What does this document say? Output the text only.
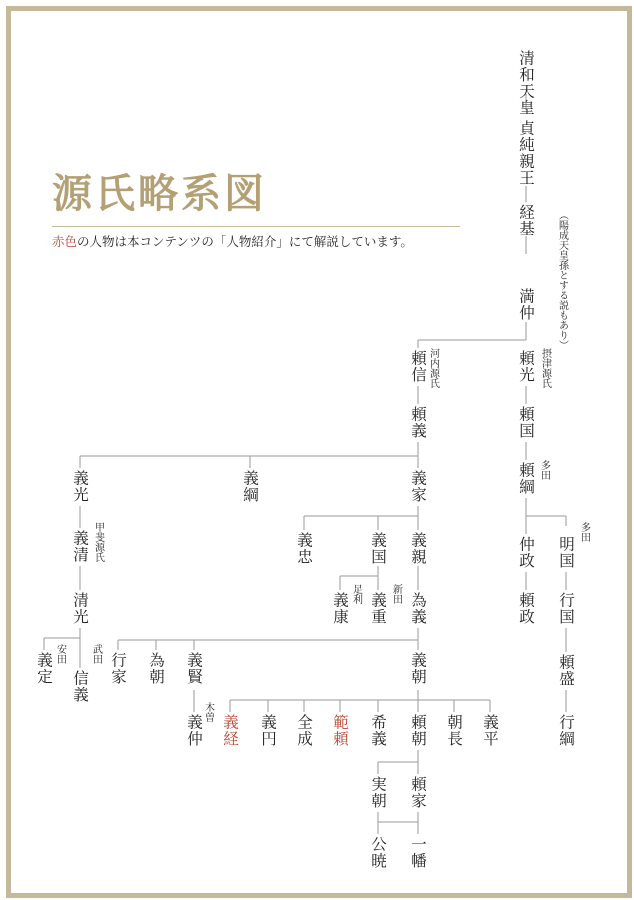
源氏略系図
赤色の人物は本コンテンツの「人物紹介」にて解説しています。
清和天皇
貞純親王
経基
満仲 （陽成天皇孫とする説もあり）
摂津源氏
河内源氏
多田
多田
甲斐源氏
足利	新田
安田	武田
木曽
頼光
頼国
頼綱
仲政
頼政
明国
行国
頼盛
行綱
頼信
頼義
義光	義綱	義家
義清
清光
義定
信義
義忠	義国 義親
義康 義重 為義
行家 為朝 義賢	義朝
義仲 義経 義円 全成 範頼 希義 頼朝 朝長 義平
実朝 頼家
公暁 一幡
